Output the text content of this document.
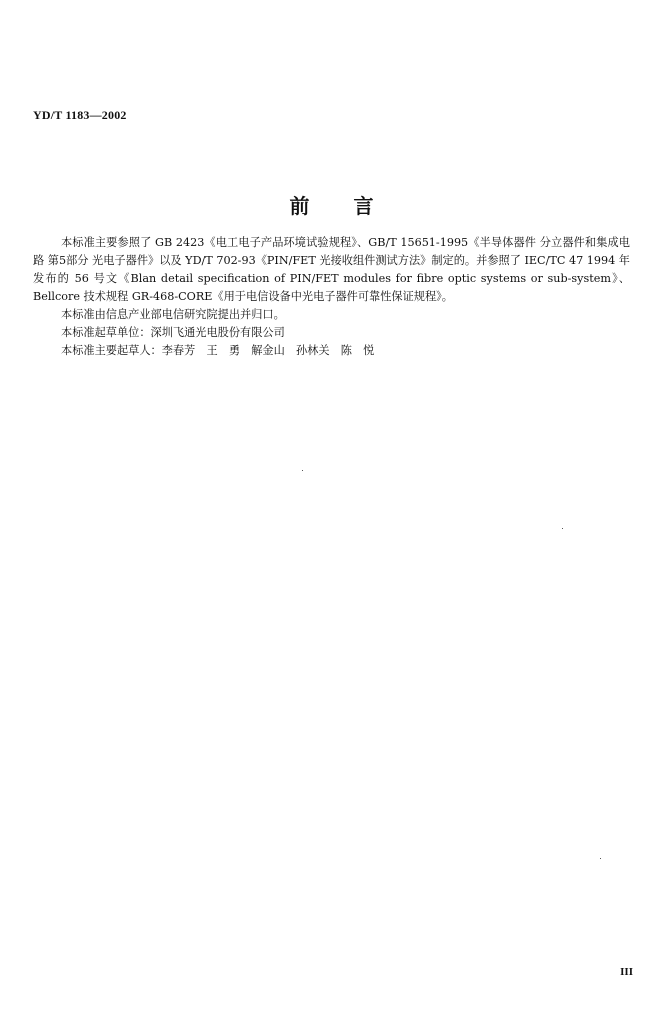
YD/T 1183—2002
前 言

本标准主要参照了 GB 2423《电工电子产品环境试验规程》、GB/T 15651-1995《半导体器件 分立器件和集成电路 第5部分 光电子器件》以及 YD/T 702-93《PIN/FET 光接收组件测试方法》制定的。并参照了 IEC/TC 47 1994 年发布的 56 号文《Blan detail specification of PIN/FET modules for fibre optic systems or sub-system》、Bellcore 技术规程 GR-468-CORE《用于电信设备中光电子器件可靠性保证规程》。

本标准由信息产业部电信研究院提出并归口。

本标准起草单位：深圳飞通光电股份有限公司

本标准主要起草人：李春芳　王　勇　解金山　孙林关　陈　悦

III
